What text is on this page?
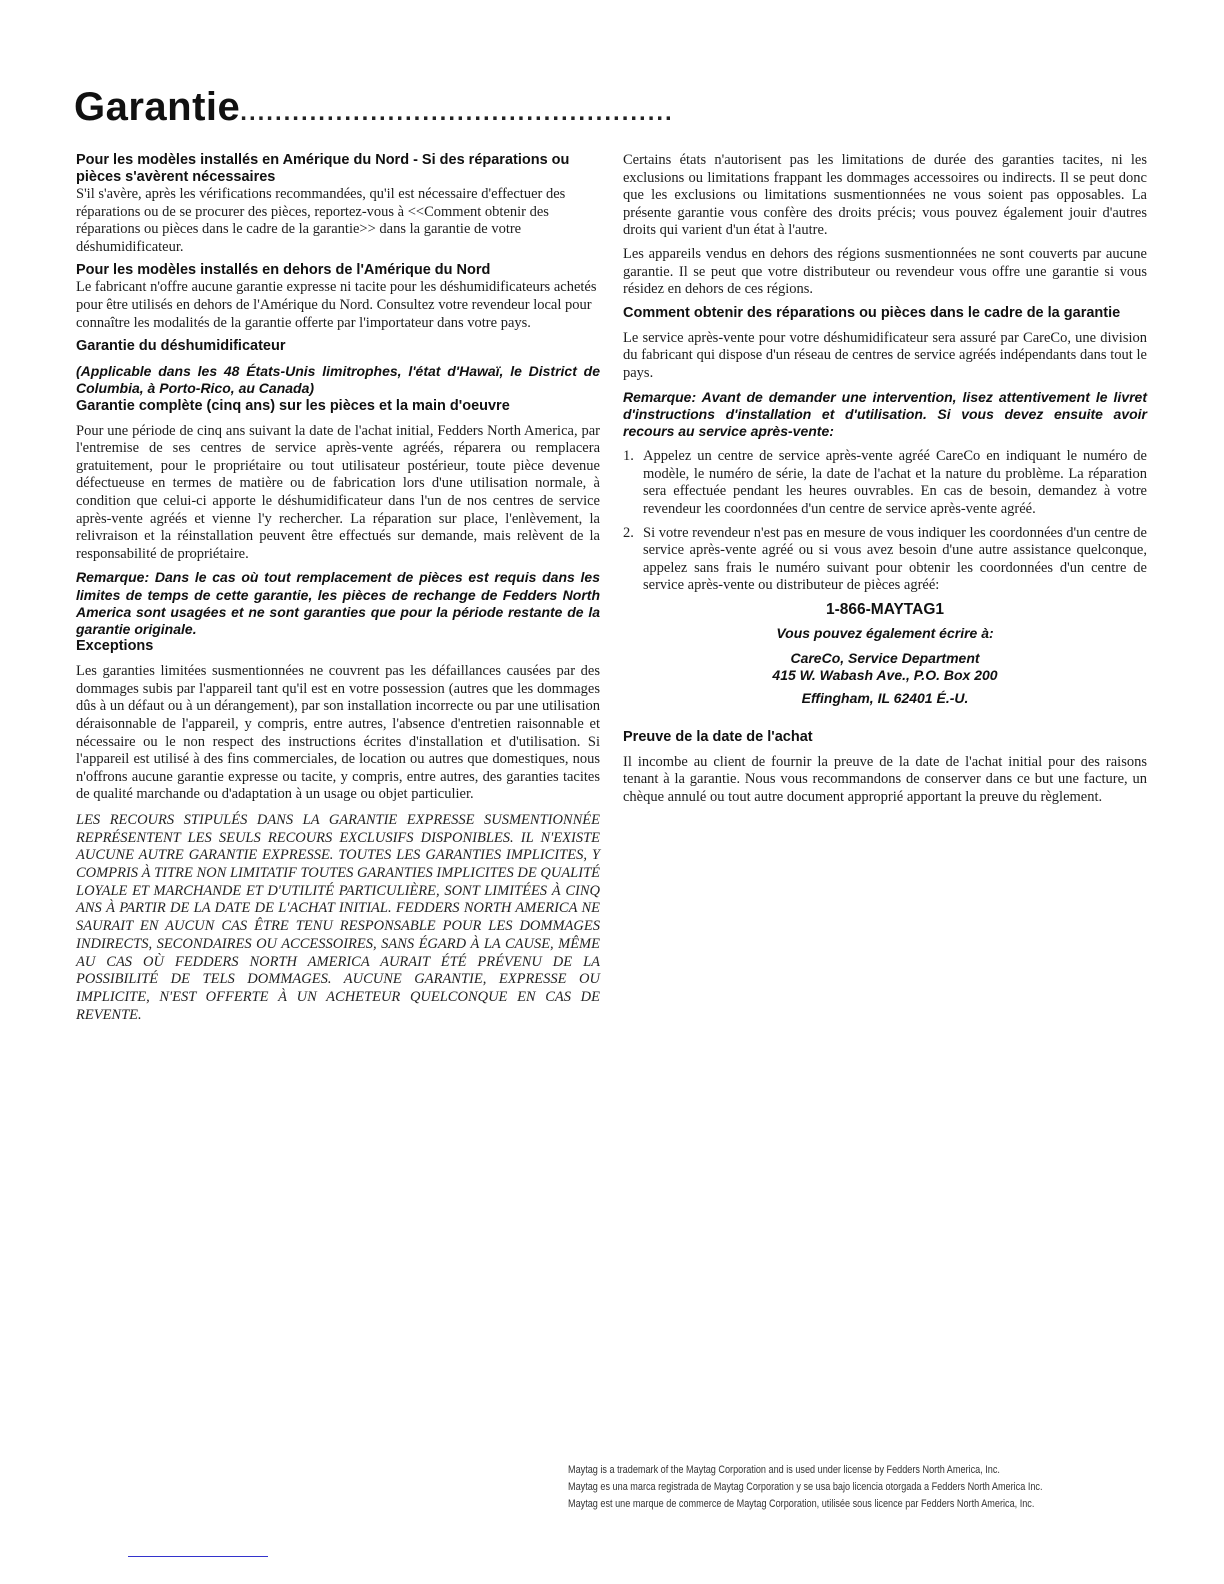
Garantie..................................................

Pour les modèles installés en Amérique du Nord - Si des réparations ou pièces s'avèrent nécessaires

S'il s'avère, après les vérifications recommandées, qu'il est nécessaire d'effectuer des réparations ou de se procurer des pièces, reportez-vous à <<Comment obtenir des réparations ou pièces dans le cadre de la garantie>> dans la garantie de votre déshumidificateur.

Pour les modèles installés en dehors de l'Amérique du Nord

Le fabricant n'offre aucune garantie expresse ni tacite pour les déshumidificateurs achetés pour être utilisés en dehors de l'Amérique du Nord. Consultez votre revendeur local pour connaître les modalités de la garantie offerte par l'importateur dans votre pays.

Garantie du déshumidificateur

(Applicable dans les 48 États-Unis limitrophes, l'état d'Hawaï, le District de Columbia, à Porto-Rico, au Canada)

Garantie complète (cinq ans) sur les pièces et la main d'oeuvre

Pour une période de cinq ans suivant la date de l'achat initial, Fedders North America, par l'entremise de ses centres de service après-vente agréés, réparera ou remplacera gratuitement, pour le propriétaire ou tout utilisateur postérieur, toute pièce devenue défectueuse en termes de matière ou de fabrication lors d'une utilisation normale, à condition que celui-ci apporte le déshumidificateur dans l'un de nos centres de service après-vente agréés et vienne l'y rechercher. La réparation sur place, l'enlèvement, la relivraison et la réinstallation peuvent être effectués sur demande, mais relèvent de la responsabilité de propriétaire.

Remarque: Dans le cas où tout remplacement de pièces est requis dans les limites de temps de cette garantie, les pièces de rechange de Fedders North America sont usagées et ne sont garanties que pour la période restante de la garantie originale.

Exceptions

Les garanties limitées susmentionnées ne couvrent pas les défaillances causées par des dommages subis par l'appareil tant qu'il est en votre possession (autres que les dommages dûs à un défaut ou à un dérangement), par son installation incorrecte ou par une utilisation déraisonnable de l'appareil, y compris, entre autres, l'absence d'entretien raisonnable et nécessaire ou le non respect des instructions écrites d'installation et d'utilisation. Si l'appareil est utilisé à des fins commerciales, de location ou autres que domestiques, nous n'offrons aucune garantie expresse ou tacite, y compris, entre autres, des garanties tacites de qualité marchande ou d'adaptation à un usage ou objet particulier.

LES RECOURS STIPULÉS DANS LA GARANTIE EXPRESSE SUSMENTIONNÉE REPRÉSENTENT LES SEULS RECOURS EXCLUSIFS DISPONIBLES. IL N'EXISTE AUCUNE AUTRE GARANTIE EXPRESSE. TOUTES LES GARANTIES IMPLICITES, Y COMPRIS À TITRE NON LIMITATIF TOUTES GARANTIES IMPLICITES DE QUALITÉ LOYALE ET MARCHANDE ET D'UTILITÉ PARTICULIÈRE, SONT LIMITÉES À CINQ ANS À PARTIR DE LA DATE DE L'ACHAT INITIAL. FEDDERS NORTH AMERICA NE SAURAIT EN AUCUN CAS ÊTRE TENU RESPONSABLE POUR LES DOMMAGES INDIRECTS, SECONDAIRES OU ACCESSOIRES, SANS ÉGARD À LA CAUSE, MÊME AU CAS OÙ FEDDERS NORTH AMERICA AURAIT ÉTÉ PRÉVENU DE LA POSSIBILITÉ DE TELS DOMMAGES. AUCUNE GARANTIE, EXPRESSE OU IMPLICITE, N'EST OFFERTE À UN ACHETEUR QUELCONQUE EN CAS DE REVENTE.

Certains états n'autorisent pas les limitations de durée des garanties tacites, ni les exclusions ou limitations frappant les dommages accessoires ou indirects. Il se peut donc que les exclusions ou limitations susmentionnées ne vous soient pas opposables. La présente garantie vous confère des droits précis; vous pouvez également jouir d'autres droits qui varient d'un état à l'autre.

Les appareils vendus en dehors des régions susmentionnées ne sont couverts par aucune garantie. Il se peut que votre distributeur ou revendeur vous offre une garantie si vous résidez en dehors de ces régions.

Comment obtenir des réparations ou pièces dans le cadre de la garantie

Le service après-vente pour votre déshumidificateur sera assuré par CareCo, une division du fabricant qui dispose d'un réseau de centres de service agréés indépendants dans tout le pays.

Remarque: Avant de demander une intervention, lisez attentivement le livret d'instructions d'installation et d'utilisation. Si vous devez ensuite avoir recours au service après-vente:

1. Appelez un centre de service après-vente agréé CareCo en indiquant le numéro de modèle, le numéro de série, la date de l'achat et la nature du problème. La réparation sera effectuée pendant les heures ouvrables. En cas de besoin, demandez à votre revendeur les coordonnées d'un centre de service après-vente agréé.
2. Si votre revendeur n'est pas en mesure de vous indiquer les coordonnées d'un centre de service après-vente agréé ou si vous avez besoin d'une autre assistance quelconque, appelez sans frais le numéro suivant pour obtenir les coordonnées d'un centre de service après-vente ou distributeur de pièces agréé:

1-866-MAYTAG1

Vous pouvez également écrire à:

CareCo, Service Department

415 W. Wabash Ave., P.O. Box 200

Effingham, IL 62401 É.-U.

Preuve de la date de l'achat

Il incombe au client de fournir la preuve de la date de l'achat initial pour des raisons tenant à la garantie. Nous vous recommandons de conserver dans ce but une facture, un chèque annulé ou tout autre document approprié apportant la preuve du règlement.

Maytag is a trademark of the Maytag Corporation and is used under license by Fedders North America, Inc.
Maytag es una marca registrada de Maytag Corporation y se usa bajo licencia otorgada a Fedders North America Inc.
Maytag est une marque de commerce de Maytag Corporation, utilisée sous licence par Fedders North America, Inc.
